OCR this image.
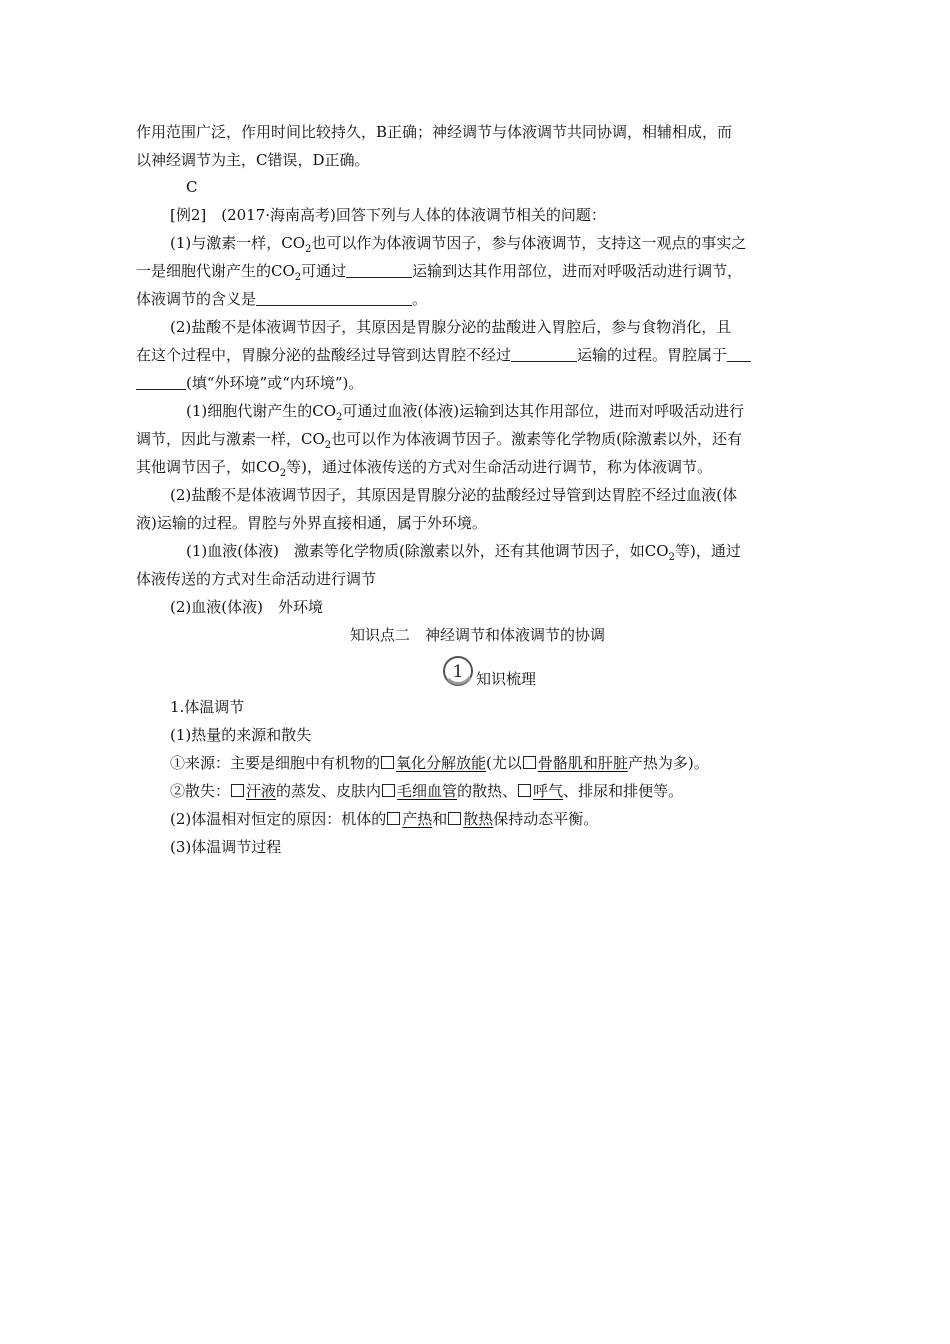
作用范围广泛，作用时间比较持久，B正确；神经调节与体液调节共同协调，相辅相成，而
以神经调节为主，C错误，D正确。
C
[例2]　(2017·海南高考)回答下列与人体的体液调节相关的问题：
(1)与激素一样，$CO_2$也可以作为体液调节因子，参与体液调节，支持这一观点的事实之
一是细胞代谢产生的$CO_2$可通过	运输到达其作用部位，进而对呼吸活动进行调节，
体液调节的含义是	。
(2)盐酸不是体液调节因子，其原因是胃腺分泌的盐酸进入胃腔后，参与食物消化，且
在这个过程中，胃腺分泌的盐酸经过导管到达胃腔不经过	运输的过程。胃腔属于
(填“外环境”或“内环境”)。
(1)细胞代谢产生的$CO_2$可通过血液(体液)运输到达其作用部位，进而对呼吸活动进行
调节，因此与激素一样，$CO_2$也可以作为体液调节因子。激素等化学物质(除激素以外，还有
其他调节因子，如$CO_2$等)，通过体液传送的方式对生命活动进行调节，称为体液调节。
(2)盐酸不是体液调节因子，其原因是胃腺分泌的盐酸经过导管到达胃腔不经过血液(体
液)运输的过程。胃腔与外界直接相通，属于外环境。
(1)血液(体液)　激素等化学物质(除激素以外，还有其他调节因子，如$CO_2$等)，通过
体液传送的方式对生命活动进行调节
(2)血液(体液)　外环境
知识点二　神经调节和体液调节的协调
1 知识梳理
1.体温调节
(1)热量的来源和散失
①来源：主要是细胞中有机物的 氧化分解放能(尤以 骨骼肌和肝脏产热为多)。
②散失： 汗液的蒸发、皮肤内 毛细血管的散热、 呼气、排尿和排便等。
(2)体温相对恒定的原因：机体的 产热和 散热保持动态平衡。
(3)体温调节过程
